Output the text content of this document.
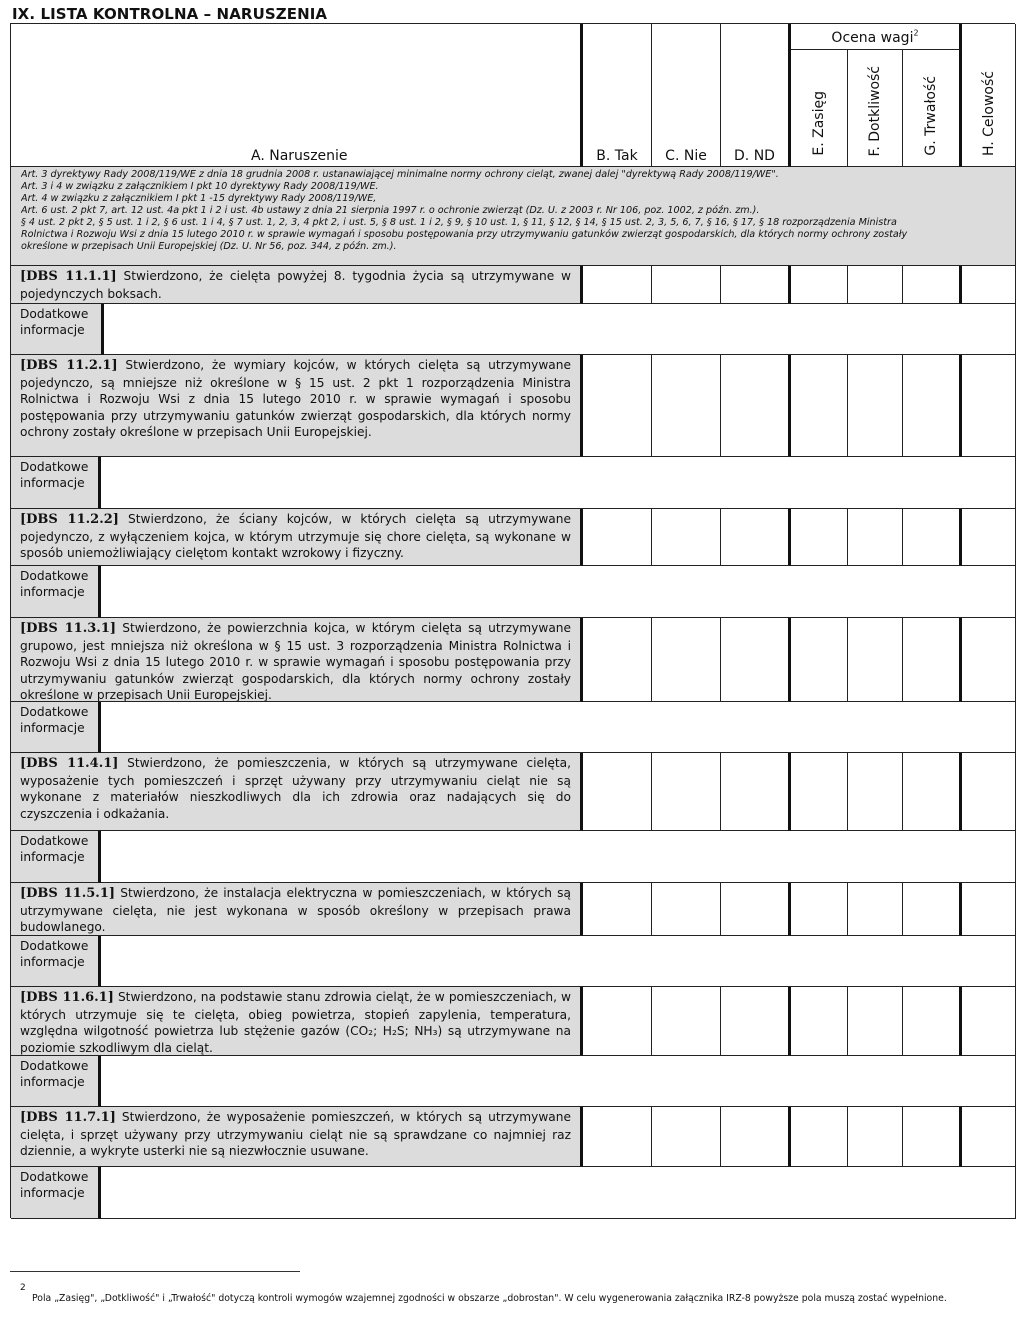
IX. LISTA KONTROLNA – NARUSZENIA
A. Naruszenie	B. Tak	C. Nie	D. ND
Ocena wagi$^2$
E. Zasięg	F. Dotkliwość	G. Trwałość	H. Celowość
Art. 3 dyrektywy Rady 2008/119/WE z dnia 18 grudnia 2008 r. ustanawiającej minimalne normy ochrony cieląt, zwanej dalej "dyrektywą Rady 2008/119/WE".
Art. 3 i 4 w związku z załącznikiem I pkt 10 dyrektywy Rady 2008/119/WE.
Art. 4 w związku z załącznikiem I pkt 1 -15 dyrektywy Rady 2008/119/WE,
Art. 6 ust. 2 pkt 7, art. 12 ust. 4a pkt 1 i 2 i ust. 4b ustawy z dnia 21 sierpnia 1997 r. o ochronie zwierząt (Dz. U. z 2003 r. Nr 106, poz. 1002, z późn. zm.).
§ 4 ust. 2 pkt 2, § 5 ust. 1 i 2, § 6 ust. 1 i 4, § 7 ust. 1, 2, 3, 4 pkt 2, i ust. 5, § 8 ust. 1 i 2, § 9, § 10 ust. 1, § 11, § 12, § 14, § 15 ust. 2, 3, 5, 6, 7, § 16, § 17, § 18 rozporządzenia Ministra
Rolnictwa i Rozwoju Wsi z dnia 15 lutego 2010 r. w sprawie wymagań i sposobu postępowania przy utrzymywaniu gatunków zwierząt gospodarskich, dla których normy ochrony zostały
określone w przepisach Unii Europejskiej (Dz. U. Nr 56, poz. 344, z późn. zm.).
[DBS 11.1.1] Stwierdzono, że cielęta powyżej 8. tygodnia życia są utrzymywane w pojedynczych boksach.
Dodatkowe informacje
[DBS 11.2.1] Stwierdzono, że wymiary kojców, w których cielęta są utrzymywane pojedynczo, są mniejsze niż określone w § 15 ust. 2 pkt 1 rozporządzenia Ministra Rolnictwa i Rozwoju Wsi z dnia 15 lutego 2010 r. w sprawie wymagań i sposobu postępowania przy utrzymywaniu gatunków zwierząt gospodarskich, dla których normy ochrony zostały określone w przepisach Unii Europejskiej.
Dodatkowe informacje
[DBS 11.2.2] Stwierdzono, że ściany kojców, w których cielęta są utrzymywane pojedynczo, z wyłączeniem kojca, w którym utrzymuje się chore cielęta, są wykonane w sposób uniemożliwiający cielętom kontakt wzrokowy i fizyczny.
Dodatkowe informacje
[DBS 11.3.1] Stwierdzono, że powierzchnia kojca, w którym cielęta są utrzymywane grupowo, jest mniejsza niż określona w § 15 ust. 3 rozporządzenia Ministra Rolnictwa i Rozwoju Wsi z dnia 15 lutego 2010 r. w sprawie wymagań i sposobu postępowania przy utrzymywaniu gatunków zwierząt gospodarskich, dla których normy ochrony zostały określone w przepisach Unii Europejskiej.
Dodatkowe informacje
[DBS 11.4.1] Stwierdzono, że pomieszczenia, w których są utrzymywane cielęta, wyposażenie tych pomieszczeń i sprzęt używany przy utrzymywaniu cieląt nie są wykonane z materiałów nieszkodliwych dla ich zdrowia oraz nadających się do czyszczenia i odkażania.
Dodatkowe informacje
[DBS 11.5.1] Stwierdzono, że instalacja elektryczna w pomieszczeniach, w których są utrzymywane cielęta, nie jest wykonana w sposób określony w przepisach prawa budowlanego.
Dodatkowe informacje
[DBS 11.6.1] Stwierdzono, na podstawie stanu zdrowia cieląt, że w pomieszczeniach, w których utrzymuje się te cielęta, obieg powietrza, stopień zapylenia, temperatura, względna wilgotność powietrza lub stężenie gazów (CO₂; H₂S; NH₃) są utrzymywane na poziomie szkodliwym dla cieląt.
Dodatkowe informacje
[DBS 11.7.1] Stwierdzono, że wyposażenie pomieszczeń, w których są utrzymywane cielęta, i sprzęt używany przy utrzymywaniu cieląt nie są sprawdzane co najmniej raz dziennie, a wykryte usterki nie są niezwłocznie usuwane.
Dodatkowe informacje
2
Pola „Zasięg", „Dotkliwość" i „Trwałość" dotyczą kontroli wymogów wzajemnej zgodności w obszarze „dobrostan". W celu wygenerowania załącznika IRZ-8 powyższe pola muszą zostać wypełnione.
